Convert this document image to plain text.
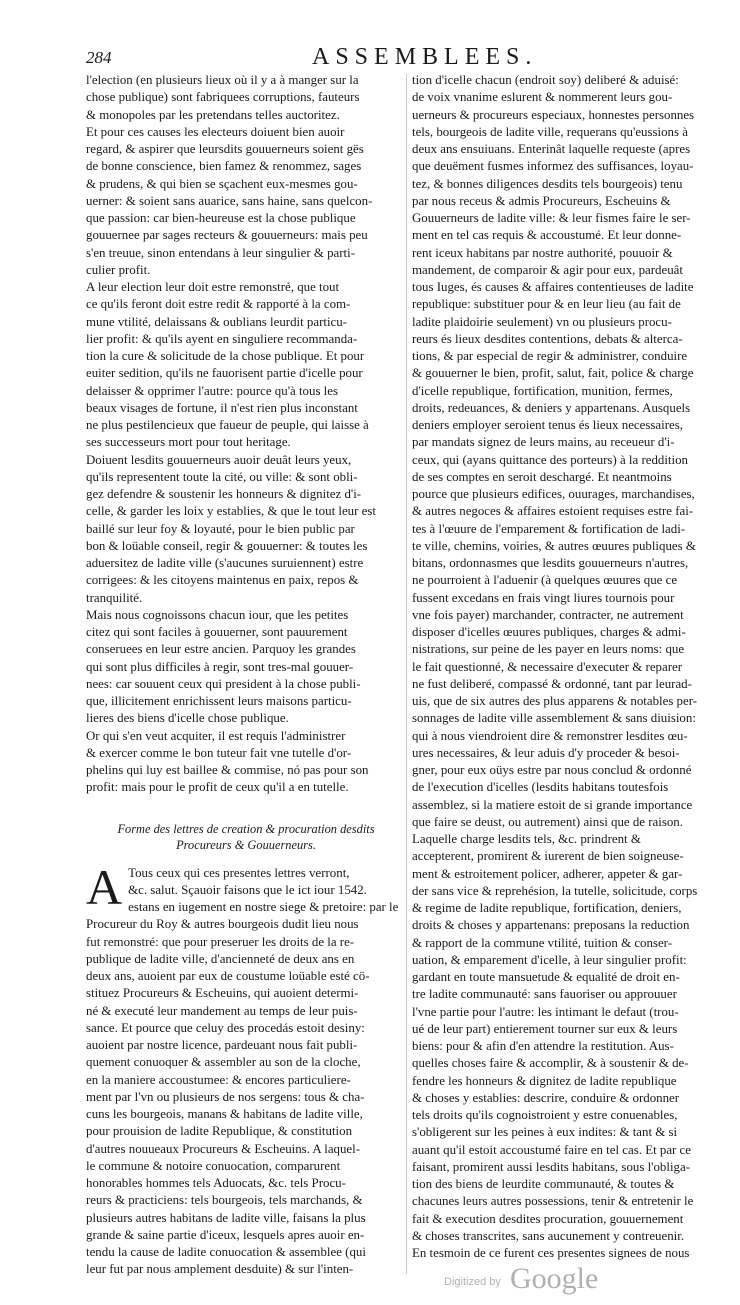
284	ASSEMBLEES.
l'election (en plusieurs lieux où il y a à manger sur la
chose publique) sont fabriquees corruptions, fauteurs
& monopoles par les pretendans telles auctoritez.
Et pour ces causes les electeurs doiuent bien auoir
regard, & aspirer que leursdits gouuerneurs soient gës
de bonne conscience, bien famez & renommez, sages
& prudens, & qui bien se sçachent eux-mesmes gou-
uerner: & soient sans auarice, sans haine, sans quelcon-
que passion: car bien-heureuse est la chose publique
gouuernee par sages recteurs & gouuerneurs: mais peu
s'en treuue, sinon entendans à leur singulier & parti-
culier profit.
A leur election leur doit estre remonstré, que tout
ce qu'ils feront doit estre redit & rapporté à la com-
mune vtilité, delaissans & oublians leurdit particu-
lier profit: & qu'ils ayent en singuliere recommanda-
tion la cure & solicitude de la chose publique. Et pour
euiter sedition, qu'ils ne fauorisent partie d'icelle pour
delaisser & opprimer l'autre: pource qu'à tous les
beaux visages de fortune, il n'est rien plus inconstant
ne plus pestilencieux que faueur de peuple, qui laisse à
ses successeurs mort pour tout heritage.
Doiuent lesdits gouuerneurs auoir deuât leurs yeux,
qu'ils representent toute la cité, ou ville: & sont obli-
gez defendre & soustenir les honneurs & dignitez d'i-
celle, & garder les loix y establies, & que le tout leur est
baillé sur leur foy & loyauté, pour le bien public par
bon & loüable conseil, regir & gouuerner: & toutes les
aduersitez de ladite ville (s'aucunes suruiennent) estre
corrigees: & les citoyens maintenus en paix, repos &
tranquilité.
Mais nous cognoissons chacun iour, que les petites
citez qui sont faciles à gouuerner, sont pauurement
conseruees en leur estre ancien. Parquoy les grandes
qui sont plus difficiles à regir, sont tres-mal gouuer-
nees: car souuent ceux qui president à la chose publi-
que, illicitement enrichissent leurs maisons particu-
lieres des biens d'icelle chose publique.
Or qui s'en veut acquiter, il est requis l'administrer
& exercer comme le bon tuteur fait vne tutelle d'or-
phelins qui luy est baillee & commise, nó pas pour son
profit: mais pour le profit de ceux qu'il a en tutelle.
Forme des lettres de creation & procuration desdits
Procureurs & Gouuerneurs.
A Tous ceux qui ces presentes lettres verront,
&c. salut. Sçauoir faisons que le ict iour 1542.
estans en iugement en nostre siege & pretoire: par le
Procureur du Roy & autres bourgeois dudit lieu nous
fut remonstré: que pour preseruer les droits de la re-
publique de ladite ville, d'ancienneté de deux ans en
deux ans, auoient par eux de coustume loüable esté cö-
stituez Procureurs & Escheuins, qui auoient determi-
né & executé leur mandement au temps de leur puis-
sance. Et pource que celuy des procedás estoit desiny:
auoient par nostre licence, pardeuant nous fait publi-
quement conuoquer & assembler au son de la cloche,
en la maniere accoustumee: & encores particuliere-
ment par l'vn ou plusieurs de nos sergens: tous & cha-
cuns les bourgeois, manans & habitans de ladite ville,
pour prouision de ladite Republique, & constitution
d'autres nouueaux Procureurs & Escheuins. A laquel-
le commune & notoire conuocation, comparurent
honorables hommes tels Aduocats, &c. tels Procu-
reurs & practiciens: tels bourgeois, tels marchands, &
plusieurs autres habitans de ladite ville, faisans la plus
grande & saine partie d'iceux, lesquels apres auoir en-
tendu la cause de ladite conuocation & assemblee (qui
leur fut par nous amplement desduite) & sur l'inten-
tion d'icelle chacun (endroit soy) deliberé & aduisé:
de voix vnanime eslurent & nommerent leurs gou-
uerneurs & procureurs especiaux, honnestes personnes
tels, bourgeois de ladite ville, requerans qu'eussions à
deux ans ensuiuans. Enterinât laquelle requeste (apres
que deuëment fusmes informez des suffisances, loyau-
tez, & bonnes diligences desdits tels bourgeois) tenu
par nous receus & admis Procureurs, Escheuins &
Gouuerneurs de ladite ville: & leur fismes faire le ser-
ment en tel cas requis & accoustumé. Et leur donne-
rent iceux habitans par nostre authorité, pouuoir &
mandement, de comparoir & agir pour eux, pardeuât
tous Iuges, és causes & affaires contentieuses de ladite
republique: substituer pour & en leur lieu (au fait de
ladite plaidoirie seulement) vn ou plusieurs procu-
reurs és lieux desdites contentions, debats & alterca-
tions, & par especial de regir & administrer, conduire
& gouuerner le bien, profit, salut, fait, police & charge
d'icelle republique, fortification, munition, fermes,
droits, redeuances, & deniers y appartenans. Ausquels
deniers employer seroient tenus és lieux necessaires,
par mandats signez de leurs mains, au receueur d'i-
ceux, qui (ayans quittance des porteurs) à la reddition
de ses comptes en seroit deschargé. Et neantmoins
pource que plusieurs edifices, ouurages, marchandises,
& autres negoces & affaires estoient requises estre fai-
tes à l'œuure de l'emparement & fortification de ladi-
te ville, chemins, voiries, & autres œuures publiques &
bitans, ordonnasmes que lesdits gouuerneurs n'autres,
ne pourroient à l'aduenir (à quelques œuures que ce
fussent excedans en frais vingt liures tournois pour
vne fois payer) marchander, contracter, ne autrement
disposer d'icelles œuures publiques, charges & admi-
nistrations, sur peine de les payer en leurs noms: que
le fait questionné, & necessaire d'executer & reparer
ne fust deliberé, compassé & ordonné, tant par leurad-
uis, que de six autres des plus apparens & notables per-
sonnages de ladite ville assemblement & sans diuision:
qui à nous viendroient dire & remonstrer lesdites œu-
ures necessaires, & leur aduis d'y proceder & besoi-
gner, pour eux oüys estre par nous conclud & ordonné
de l'execution d'icelles (lesdits habitans toutesfois
assemblez, si la matiere estoit de si grande importance
que faire se deust, ou autrement) ainsi que de raison.
Laquelle charge lesdits tels, &c. prindrent &
accepterent, promirent & iurerent de bien soigneuse-
ment & estroitement policer, adherer, appeter & gar-
der sans vice & reprehésion, la tutelle, solicitude, corps
& regime de ladite republique, fortification, deniers,
droits & choses y appartenans: preposans la reduction
& rapport de la commune vtilité, tuition & conser-
uation, & emparement d'icelle, à leur singulier profit:
gardant en toute mansuetude & equalité de droit en-
tre ladite communauté: sans fauoriser ou approuuer
l'vne partie pour l'autre: les intimant le defaut (trou-
ué de leur part) entierement tourner sur eux & leurs
biens: pour & afin d'en attendre la restitution. Aus-
quelles choses faire & accomplir, & à soustenir & de-
fendre les honneurs & dignitez de ladite republique
& choses y establies: descrire, conduire & ordonner
tels droits qu'ils cognoistroient y estre conuenables,
s'obligerent sur les peines à eux indites: & tant & si
auant qu'il estoit accoustumé faire en tel cas. Et par ce
faisant, promirent aussi lesdits habitans, sous l'obliga-
tion des biens de leurdite communauté, & toutes &
chacunes leurs autres possessions, tenir & entretenir le
fait & execution desdites procuration, gouuernement
& choses transcrites, sans aucunement y contreuenir.
En tesmoin de ce furent ces presentes signees de nous
Digitized by Google
